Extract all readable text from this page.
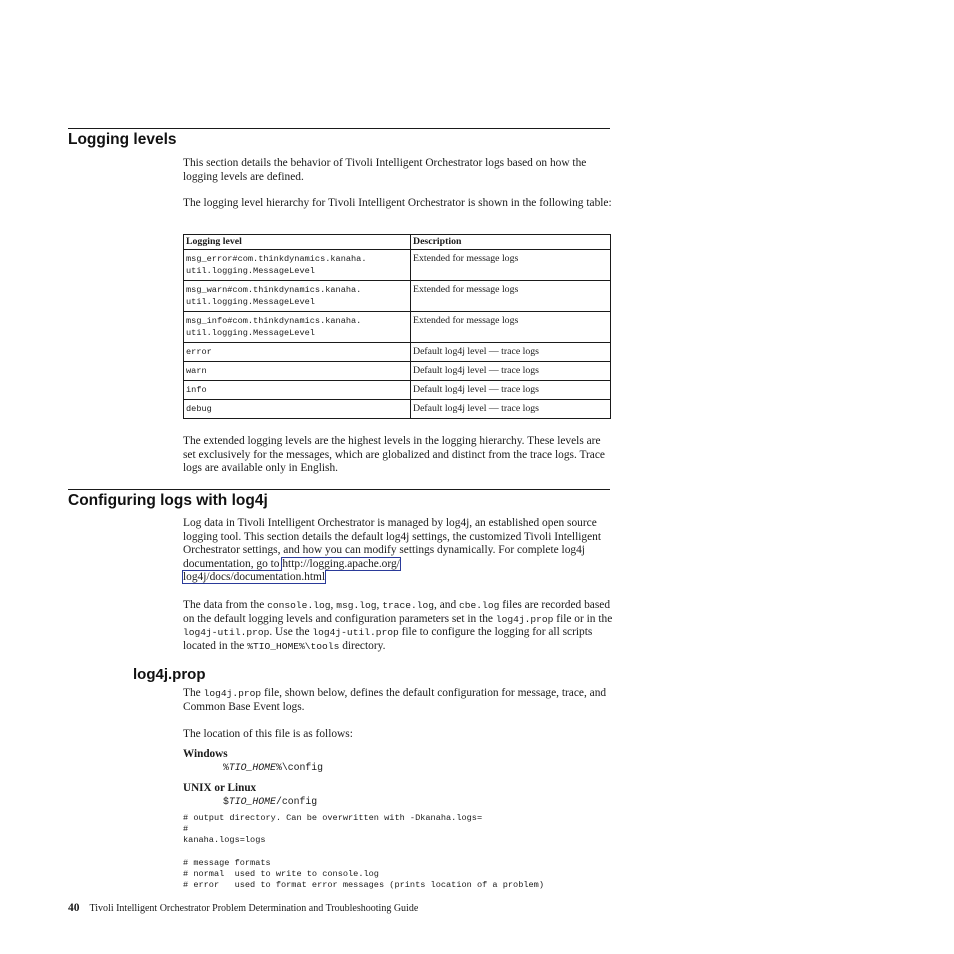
Logging levels

This section details the behavior of Tivoli Intelligent Orchestrator logs based on how the logging levels are defined.

The logging level hierarchy for Tivoli Intelligent Orchestrator is shown in the following table:

Logging level	Description
msg_error#com.thinkdynamics.kanaha.
util.logging.MessageLevel	Extended for message logs
msg_warn#com.thinkdynamics.kanaha.
util.logging.MessageLevel	Extended for message logs
msg_info#com.thinkdynamics.kanaha.
util.logging.MessageLevel	Extended for message logs
error	Default log4j level — trace logs
warn	Default log4j level — trace logs
info	Default log4j level — trace logs
debug	Default log4j level — trace logs

The extended logging levels are the highest levels in the logging hierarchy. These levels are set exclusively for the messages, which are globalized and distinct from the trace logs. Trace logs are available only in English.

Configuring logs with log4j

Log data in Tivoli Intelligent Orchestrator is managed by log4j, an established open source logging tool. This section details the default log4j settings, the customized Tivoli Intelligent Orchestrator settings, and how you can modify settings dynamically. For complete log4j documentation, go to http://logging.apache.org/
log4j/docs/documentation.html

The data from the console.log, msg.log, trace.log, and cbe.log files are recorded based on the default logging levels and configuration parameters set in the log4j.prop file or in the log4j-util.prop. Use the log4j-util.prop file to configure the logging for all scripts located in the %TIO_HOME%\tools directory.

log4j.prop

The log4j.prop file, shown below, defines the default configuration for message, trace, and Common Base Event logs.

The location of this file is as follows:

Windows

%TIO_HOME%\config

UNIX or Linux

$TIO_HOME/config

# output directory. Can be overwritten with -Dkanaha.logs=
#
kanaha.logs=logs

# message formats
# normal  used to write to console.log
# error   used to format error messages (prints location of a problem)
40 Tivoli Intelligent Orchestrator Problem Determination and Troubleshooting Guide
